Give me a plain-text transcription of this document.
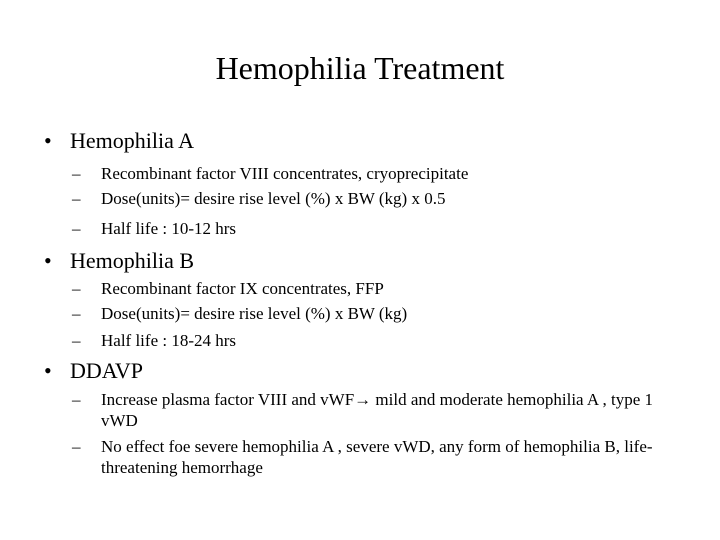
Hemophilia Treatment
• Hemophilia A
– Recombinant factor VIII concentrates, cryoprecipitate
– Dose(units)= desire rise level (%) x BW (kg) x 0.5
– Half life : 10-12 hrs
• Hemophilia B
– Recombinant factor IX concentrates, FFP
– Dose(units)= desire rise level (%) x BW (kg)
– Half life : 18-24 hrs
• DDAVP
– Increase plasma factor VIII and vWF→ mild and moderate hemophilia A , type 1 vWD
– No effect foe severe hemophilia A , severe vWD, any form of hemophilia B, life-threatening hemorrhage
